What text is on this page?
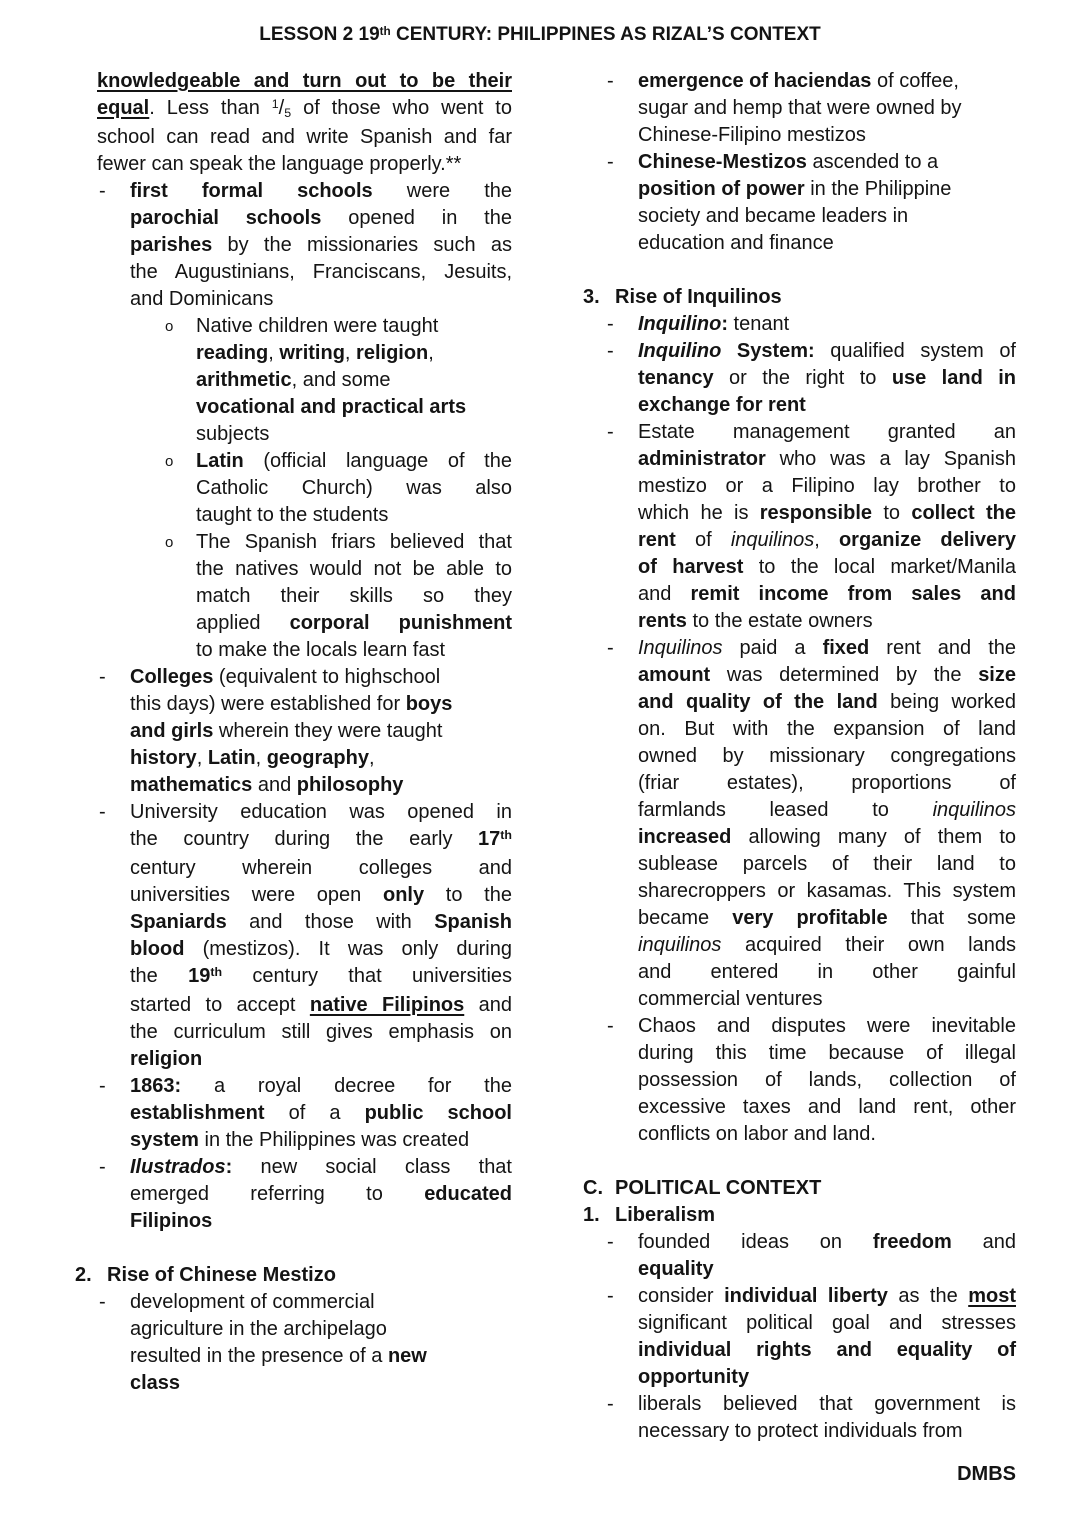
LESSON 2 19th CENTURY: PHILIPPINES AS RIZAL’S CONTEXT
knowledgeable and turn out to be their
equal. Less than $^1$/5 of those who went to
school can read and write Spanish and far
fewer can speak the language properly.**
- first formal schools were the
parochial schools opened in the
parishes by the missionaries such as
the Augustinians, Franciscans, Jesuits,
and Dominicans
o Native children were taught
reading, writing, religion,
arithmetic, and some
vocational and practical arts
subjects
o Latin (official language of the
Catholic Church) was also
taught to the students
o The Spanish friars believed that
the natives would not be able to
match their skills so they
applied corporal punishment
to make the locals learn fast
- Colleges (equivalent to highschool
this days) were established for boys
and girls wherein they were taught
history, Latin, geography,
mathematics and philosophy
- University education was opened in
the country during the early 17th
century wherein colleges and
universities were open only to the
Spaniards and those with Spanish
blood (mestizos). It was only during
the 19th century that universities
started to accept native Filipinos and
the curriculum still gives emphasis on
religion
- 1863: a royal decree for the
establishment of a public school
system in the Philippines was created
- Ilustrados: new social class that
emerged referring to educated
Filipinos
2. Rise of Chinese Mestizo
- development of commercial
agriculture in the archipelago
resulted in the presence of a new
class
- emergence of haciendas of coffee,
sugar and hemp that were owned by
Chinese-Filipino mestizos
- Chinese-Mestizos ascended to a
position of power in the Philippine
society and became leaders in
education and finance
3. Rise of Inquilinos
- Inquilino: tenant
- Inquilino System: qualified system of
tenancy or the right to use land in
exchange for rent
- Estate management granted an
administrator who was a lay Spanish
mestizo or a Filipino lay brother to
which he is responsible to collect the
rent of inquilinos, organize delivery
of harvest to the local market/Manila
and remit income from sales and
rents to the estate owners
- Inquilinos paid a fixed rent and the
amount was determined by the size
and quality of the land being worked
on. But with the expansion of land
owned by missionary congregations
(friar estates), proportions of
farmlands leased to inquilinos
increased allowing many of them to
sublease parcels of their land to
sharecroppers or kasamas. This system
became very profitable that some
inquilinos acquired their own lands
and entered in other gainful
commercial ventures
- Chaos and disputes were inevitable
during this time because of illegal
possession of lands, collection of
excessive taxes and land rent, other
conflicts on labor and land.
C. POLITICAL CONTEXT
1. Liberalism
- founded ideas on freedom and
equality
- consider individual liberty as the most
significant political goal and stresses
individual rights and equality of
opportunity
- liberals believed that government is
necessary to protect individuals from
DMBS
